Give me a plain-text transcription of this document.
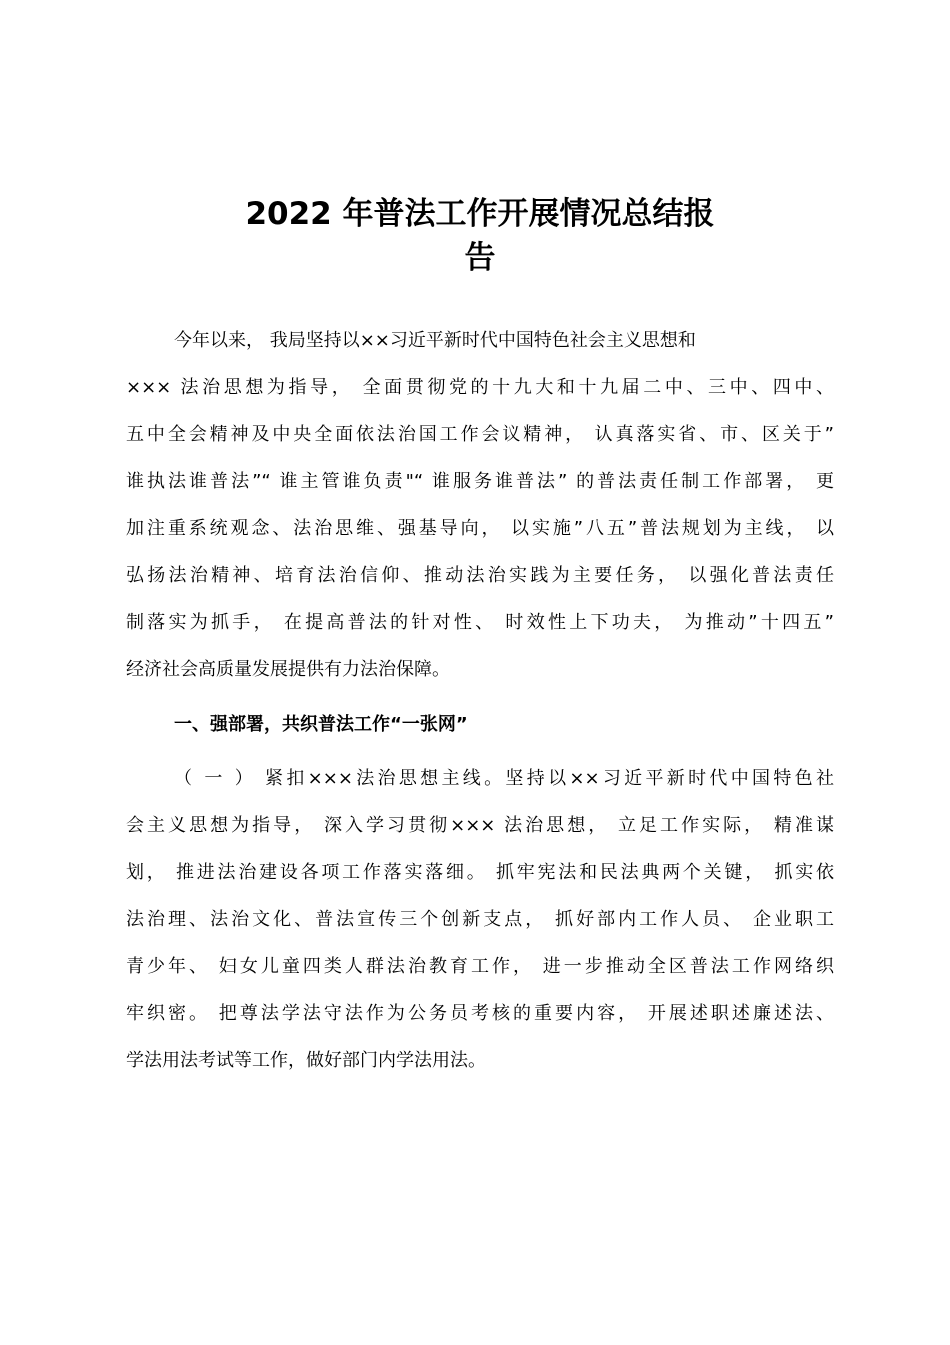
2022 年普法工作开展情况总结报
告
今年以来， 我局坚持以××习近平新时代中国特色社会主义思想和
××× 法治思想为指导， 全面贯彻党的十九大和十九届二中、三中、四中、
五中全会精神及中央全面依法治国工作会议精神， 认真落实省、市、区关于”
谁执法谁普法”“ 谁主管谁负责"“ 谁服务谁普法” 的普法责任制工作部署， 更
加注重系统观念、法治思维、强基导向， 以实施”八五”普法规划为主线， 以
弘扬法治精神、培育法治信仰、推动法治实践为主要任务， 以强化普法责任
制落实为抓手， 在提高普法的针对性、 时效性上下功夫， 为推动”十四五”
经济社会高质量发展提供有力法治保障。
一、强部署，共织普法工作“一张网”
（ 一 ） 紧扣×××法治思想主线。坚持以××习近平新时代中国特色社
会主义思想为指导， 深入学习贯彻××× 法治思想， 立足工作实际， 精准谋
划， 推进法治建设各项工作落实落细。 抓牢宪法和民法典两个关键， 抓实依
法治理、法治文化、普法宣传三个创新支点， 抓好部内工作人员、 企业职工
青少年、 妇女儿童四类人群法治教育工作， 进一步推动全区普法工作网络织
牢织密。 把尊法学法守法作为公务员考核的重要内容， 开展述职述廉述法、
学法用法考试等工作，做好部门内学法用法。
